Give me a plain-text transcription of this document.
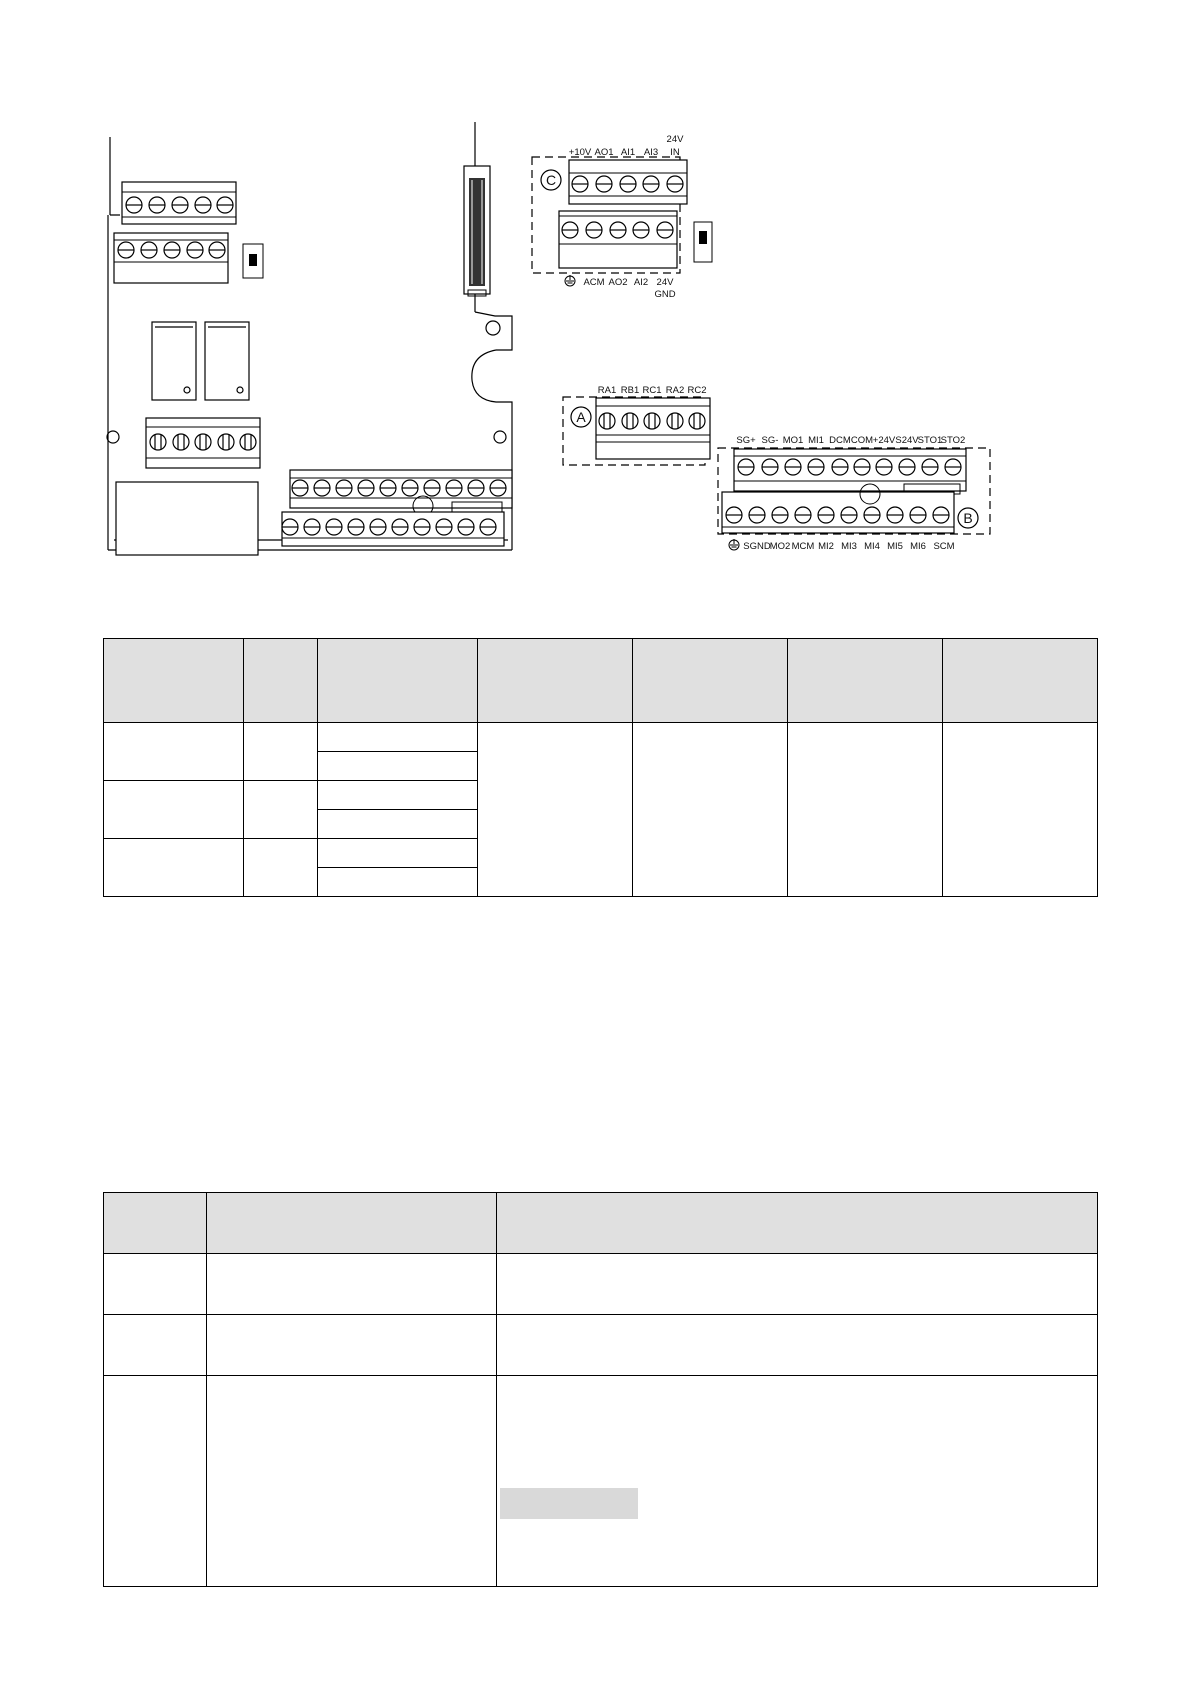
C
+10V AO1 AI1 AI3
24V
IN
ACM AO2 AI2 24V
GND
A
RA1 RB1 RC1 RA2 RC2
B
SG+ SG- MO1 MI1 DCM COM +24V S24V STO1
STO2
SGND
MO2 MCM MI2 MI3 MI4 MI5 MI6 SCM
